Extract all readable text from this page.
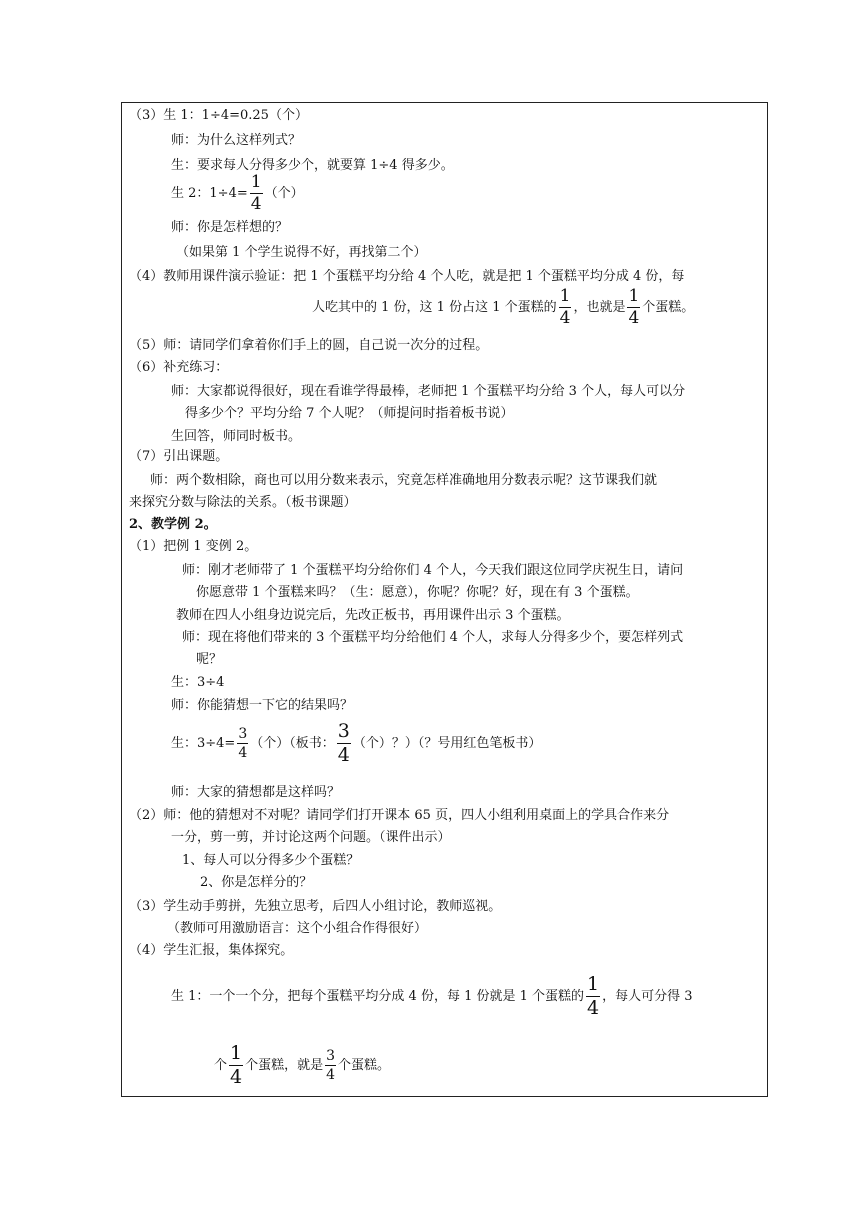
（3）生 1：1÷4=0.25（个）

师：为什么这样列式？

生：要求每人分得多少个，就要算 1÷4 得多少。

生 2：$1\div 4= \frac{1}{4}$ （个）

师：你是怎样想的？

（如果第 1 个学生说得不好，再找第二个）

（4）教师用课件演示验证：把 1 个蛋糕平均分给 4 个人吃，就是把 1 个蛋糕平均分成 4 份，每

人吃其中的 1 份，这 1 份占这 1 个蛋糕的 $\frac{1}{4}$ ，也就是 $\frac{1}{4}$ 个蛋糕。

（5）师：请同学们拿着你们手上的圆，自己说一次分的过程。

（6）补充练习：

师：大家都说得很好，现在看谁学得最棒，老师把 1 个蛋糕平均分给 3 个人，每人可以分

得多少个？平均分给 7 个人呢？（师提问时指着板书说）

生回答，师同时板书。

（7）引出课题。

师：两个数相除，商也可以用分数来表示，究竟怎样准确地用分数表示呢？这节课我们就

来探究分数与除法的关系。（板书课题）

2、教学例 2。

（1）把例 1 变例 2。

师：刚才老师带了 1 个蛋糕平均分给你们 4 个人，今天我们跟这位同学庆祝生日，请问

你愿意带 1 个蛋糕来吗？（生：愿意），你呢？你呢？好，现在有 3 个蛋糕。

教师在四人小组身边说完后，先改正板书，再用课件出示 3 个蛋糕。

师：现在将他们带来的 3 个蛋糕平均分给他们 4 个人，求每人分得多少个，要怎样列式

呢？

生：3÷4

师：你能猜想一下它的结果吗？

生：$3\div 4= \frac{3}{4}$ （个）（板书： $\frac{3}{4}$ （个）？）（？号用红色笔板书）

师：大家的猜想都是这样吗？

（2）师：他的猜想对不对呢？请同学们打开课本 65 页，四人小组利用桌面上的学具合作来分

一分，剪一剪，并讨论这两个问题。（课件出示）

1、每人可以分得多少个蛋糕？

2、你是怎样分的？

（3）学生动手剪拼，先独立思考，后四人小组讨论，教师巡视。

（教师可用激励语言：这个小组合作得很好）

（4）学生汇报，集体探究。

生 1：一个一个分，把每个蛋糕平均分成 4 份，每 1 份就是 1 个蛋糕的 $\frac{1}{4}$ ，每人可分得 3
个 $\frac{1}{4}$ 个蛋糕，就是 $\frac{3}{4}$ 个蛋糕。
